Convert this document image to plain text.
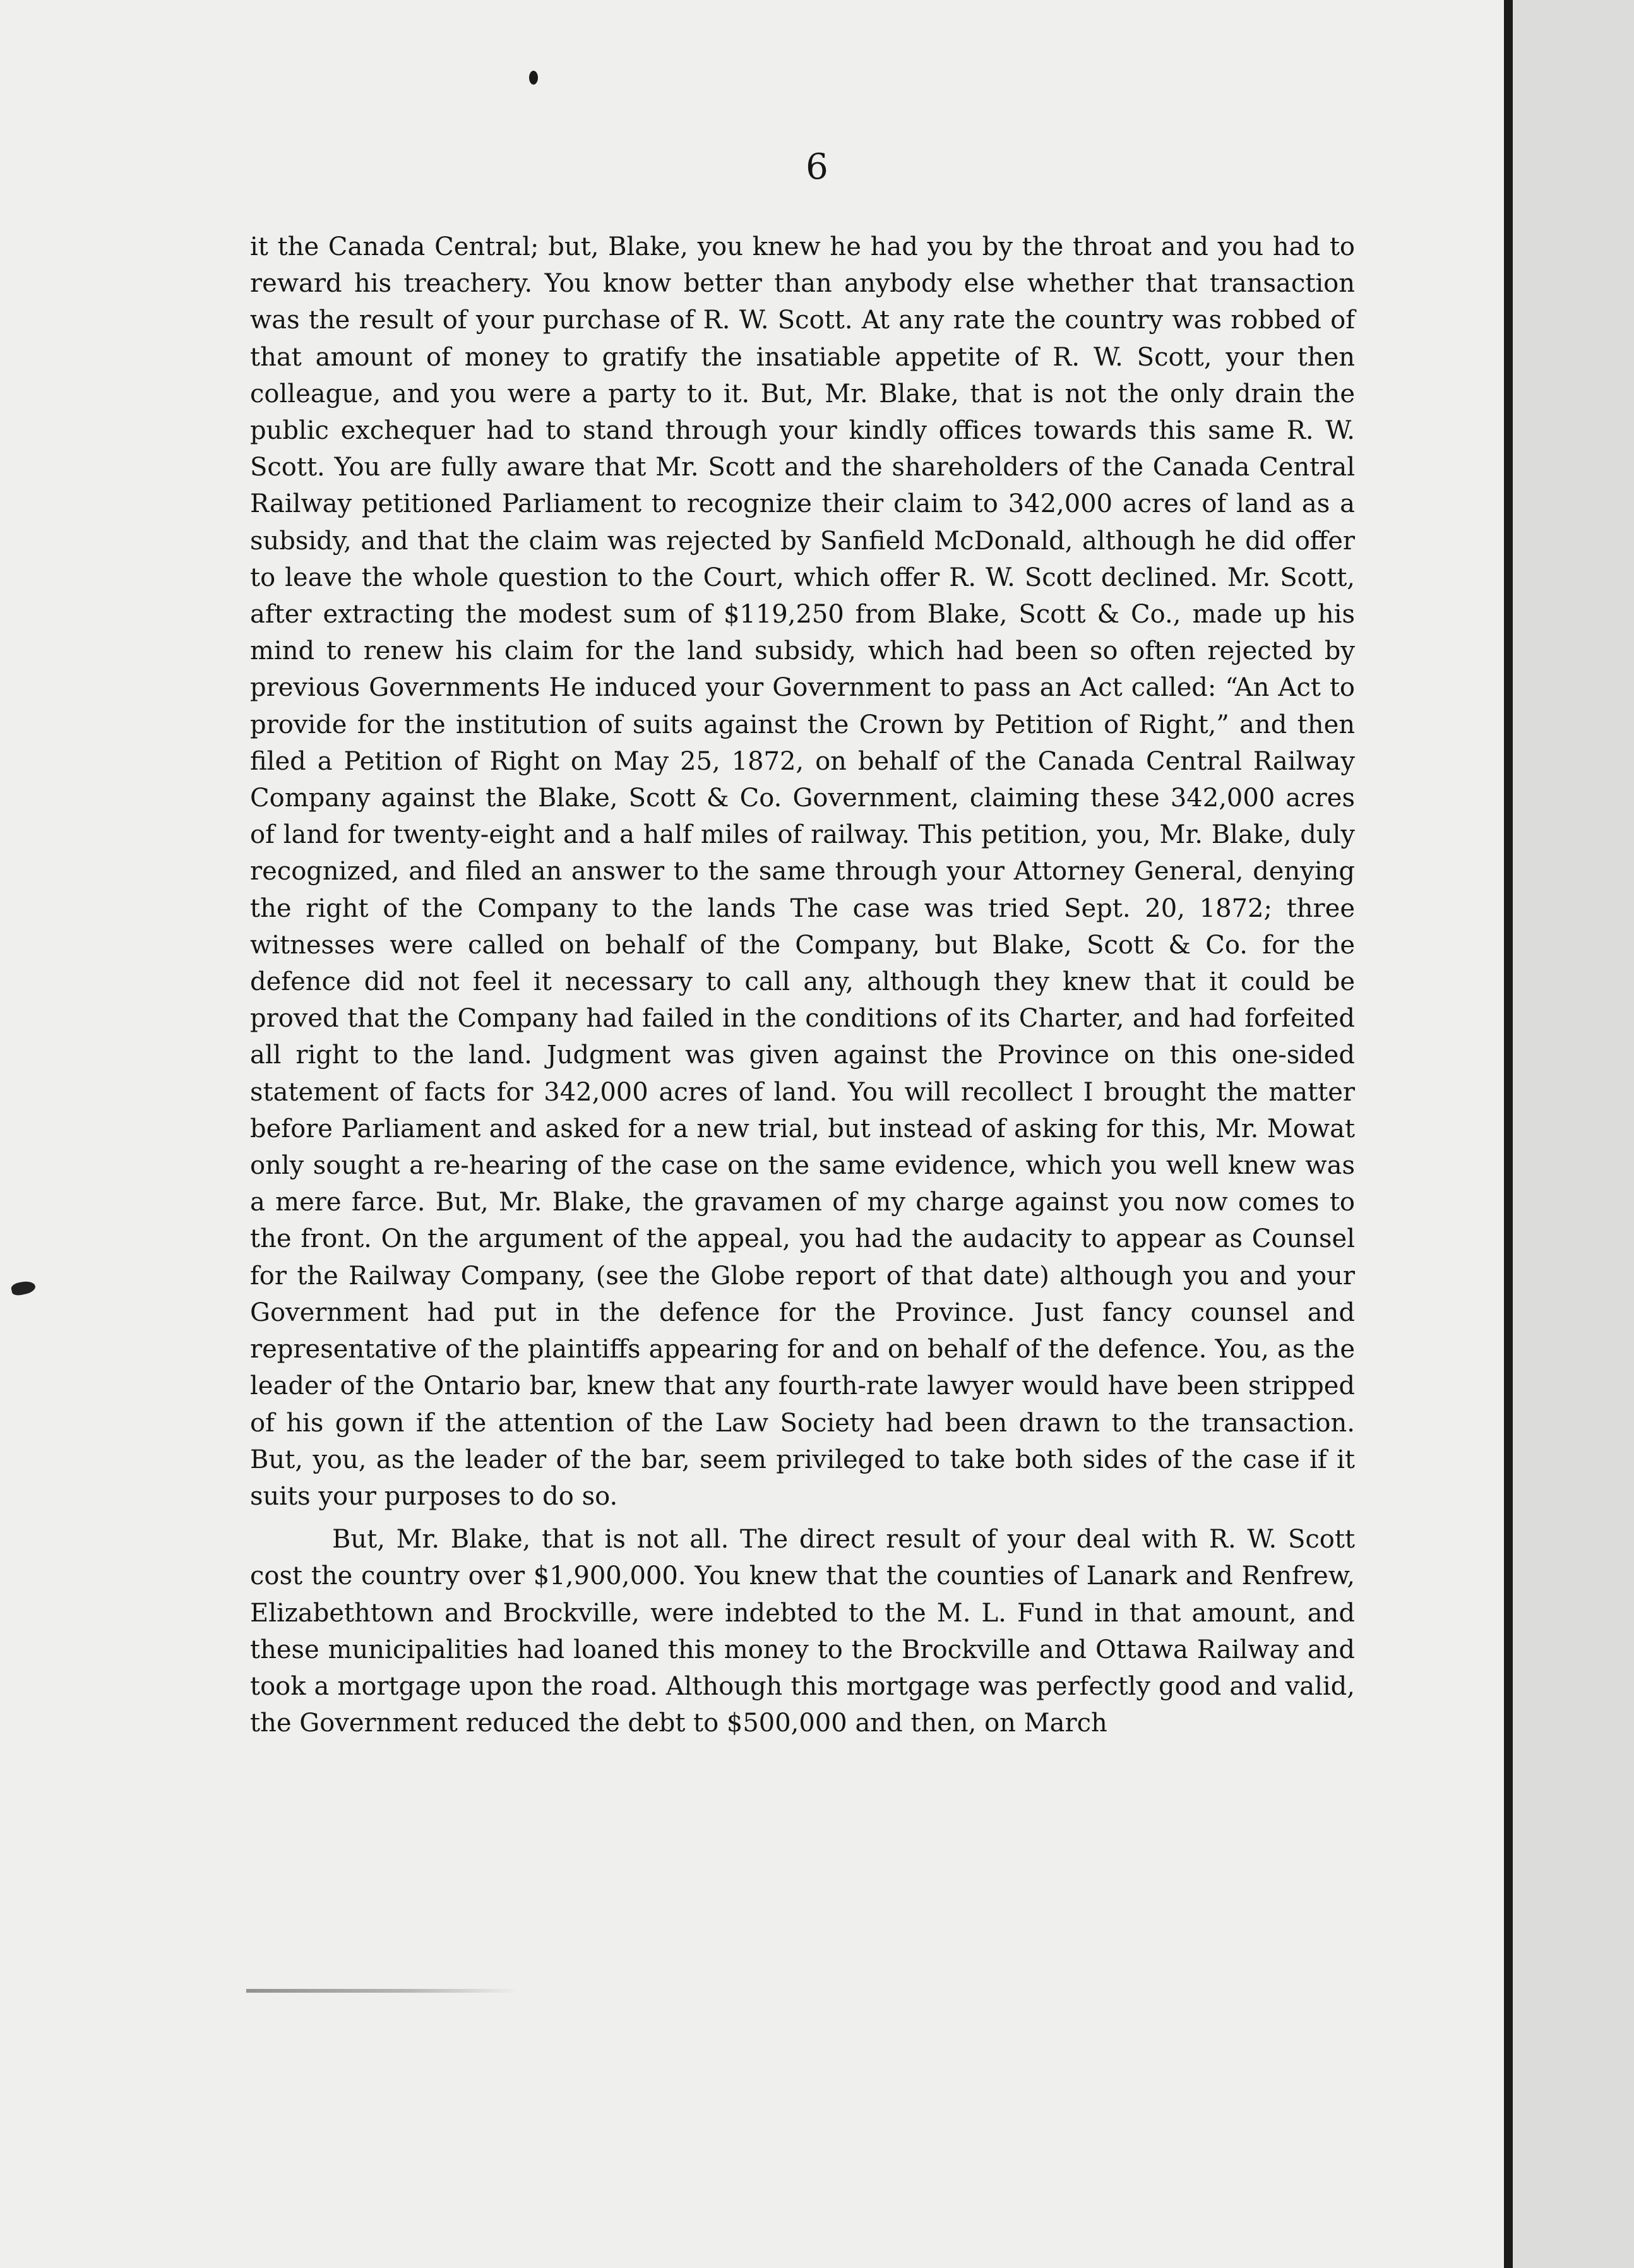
6

it the Canada Central; but, Blake, you knew he had you by the throat and you had to reward his treachery. You know better than anybody else whether that transaction was the result of your purchase of R. W. Scott. At any rate the country was robbed of that amount of money to gratify the insatiable appetite of R. W. Scott, your then colleague, and you were a party to it. But, Mr. Blake, that is not the only drain the public exchequer had to stand through your kindly offices towards this same R. W. Scott. You are fully aware that Mr. Scott and the shareholders of the Canada Central Railway petitioned Parliament to recognize their claim to 342,000 acres of land as a subsidy, and that the claim was rejected by Sanfield McDonald, although he did offer to leave the whole question to the Court, which offer R. W. Scott declined. Mr. Scott, after extracting the modest sum of $119,250 from Blake, Scott & Co., made up his mind to renew his claim for the land subsidy, which had been so often rejected by previous Governments He induced your Government to pass an Act called: “An Act to provide for the institution of suits against the Crown by Petition of Right,” and then filed a Petition of Right on May 25, 1872, on behalf of the Canada Central Railway Company against the Blake, Scott & Co. Government, claiming these 342,000 acres of land for twenty-eight and a half miles of railway. This petition, you, Mr. Blake, duly recognized, and filed an answer to the same through your Attorney General, denying the right of the Company to the lands The case was tried Sept. 20, 1872; three witnesses were called on behalf of the Company, but Blake, Scott & Co. for the defence did not feel it necessary to call any, although they knew that it could be proved that the Company had failed in the conditions of its Charter, and had forfeited all right to the land. Judgment was given against the Province on this one-sided statement of facts for 342,000 acres of land. You will recollect I brought the matter before Parliament and asked for a new trial, but instead of asking for this, Mr. Mowat only sought a re-hearing of the case on the same evidence, which you well knew was a mere farce. But, Mr. Blake, the gravamen of my charge against you now comes to the front. On the argument of the appeal, you had the audacity to appear as Counsel for the Railway Company, (see the Globe report of that date) although you and your Government had put in the defence for the Province. Just fancy counsel and representative of the plaintiffs appearing for and on behalf of the defence. You, as the leader of the Ontario bar, knew that any fourth-rate lawyer would have been stripped of his gown if the attention of the Law Society had been drawn to the transaction. But, you, as the leader of the bar, seem privileged to take both sides of the case if it suits your purposes to do so.

But, Mr. Blake, that is not all. The direct result of your deal with R. W. Scott cost the country over $1,900,000. You knew that the counties of Lanark and Renfrew, Elizabethtown and Brockville, were indebted to the M. L. Fund in that amount, and these municipalities had loaned this money to the Brockville and Ottawa Railway and took a mortgage upon the road. Although this mortgage was perfectly good and valid, the Government reduced the debt to $500,000 and then, on March
